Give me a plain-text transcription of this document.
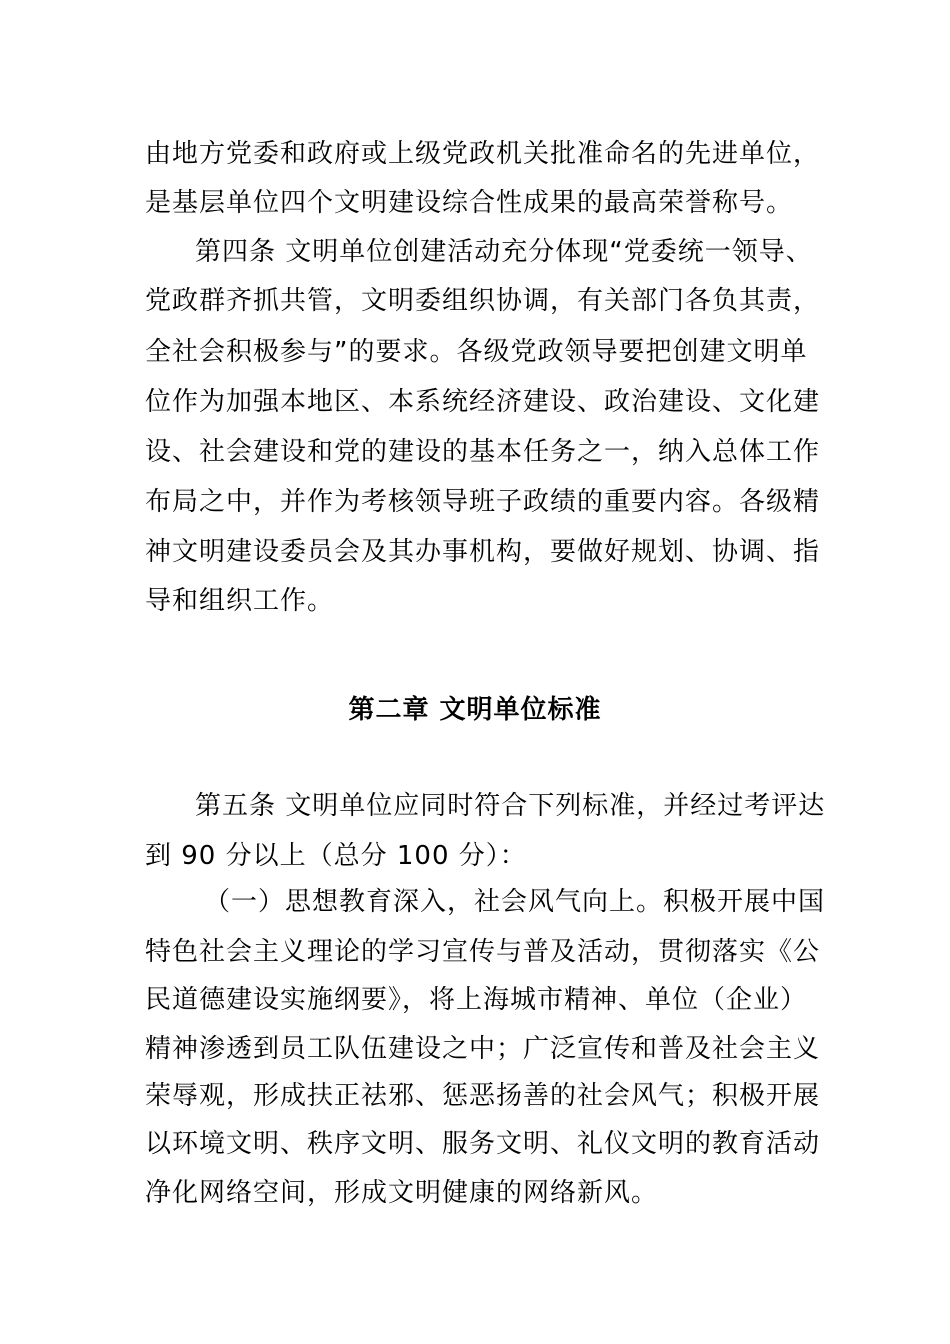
由地方党委和政府或上级党政机关批准命名的先进单位，
是基层单位四个文明建设综合性成果的最高荣誉称号。
第四条 文明单位创建活动充分体现“党委统一领导、
党政群齐抓共管，文明委组织协调，有关部门各负其责，
全社会积极参与”的要求。各级党政领导要把创建文明单
位作为加强本地区、本系统经济建设、政治建设、文化建
设、社会建设和党的建设的基本任务之一，纳入总体工作
布局之中，并作为考核领导班子政绩的重要内容。各级精
神文明建设委员会及其办事机构，要做好规划、协调、指
导和组织工作。
第二章 文明单位标准
第五条 文明单位应同时符合下列标准，并经过考评达
到 90 分以上（总分 100 分）：
（一）思想教育深入，社会风气向上。积极开展中国
特色社会主义理论的学习宣传与普及活动，贯彻落实《公
民道德建设实施纲要》，将上海城市精神、单位（企业）
精神渗透到员工队伍建设之中；广泛宣传和普及社会主义
荣辱观，形成扶正祛邪、惩恶扬善的社会风气；积极开展
以环境文明、秩序文明、服务文明、礼仪文明的教育活动
净化网络空间，形成文明健康的网络新风。
